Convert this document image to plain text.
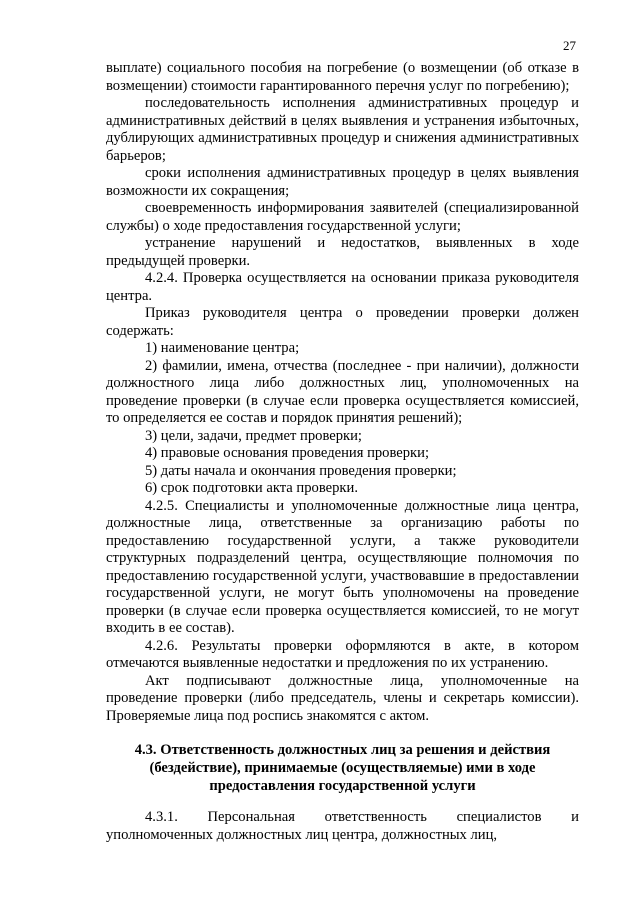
27

выплате) социального пособия на погребение (о возмещении (об отказе в возмещении) стоимости гарантированного перечня услуг по погребению);

последовательность исполнения административных процедур и административных действий в целях выявления и устранения избыточных, дублирующих административных процедур и снижения административных барьеров;

сроки исполнения административных процедур в целях выявления возможности их сокращения;

своевременность информирования заявителей (специализированной службы) о ходе предоставления государственной услуги;

устранение нарушений и недостатков, выявленных в ходе предыдущей проверки.

4.2.4. Проверка осуществляется на основании приказа руководителя центра.

Приказ руководителя центра о проведении проверки должен содержать:

1) наименование центра;

2) фамилии, имена, отчества (последнее - при наличии), должности должностного лица либо должностных лиц, уполномоченных на проведение проверки (в случае если проверка осуществляется комиссией, то определяется ее состав и порядок принятия решений);

3) цели, задачи, предмет проверки;

4) правовые основания проведения проверки;

5) даты начала и окончания проведения проверки;

6) срок подготовки акта проверки.

4.2.5. Специалисты и уполномоченные должностные лица центра, должностные лица, ответственные за организацию работы по предоставлению государственной услуги, а также руководители структурных подразделений центра, осуществляющие полномочия по предоставлению государственной услуги, участвовавшие в предоставлении государственной услуги, не могут быть уполномочены на проведение проверки (в случае если проверка осуществляется комиссией, то не могут входить в ее состав).

4.2.6. Результаты проверки оформляются в акте, в котором отмечаются выявленные недостатки и предложения по их устранению.

Акт подписывают должностные лица, уполномоченные на проведение проверки (либо председатель, члены и секретарь комиссии). Проверяемые лица под роспись знакомятся с актом.

4.3. Ответственность должностных лиц за решения и действия (бездействие), принимаемые (осуществляемые) ими в ходе предоставления государственной услуги

4.3.1. Персональная ответственность специалистов и уполномоченных должностных лиц центра, должностных лиц,
